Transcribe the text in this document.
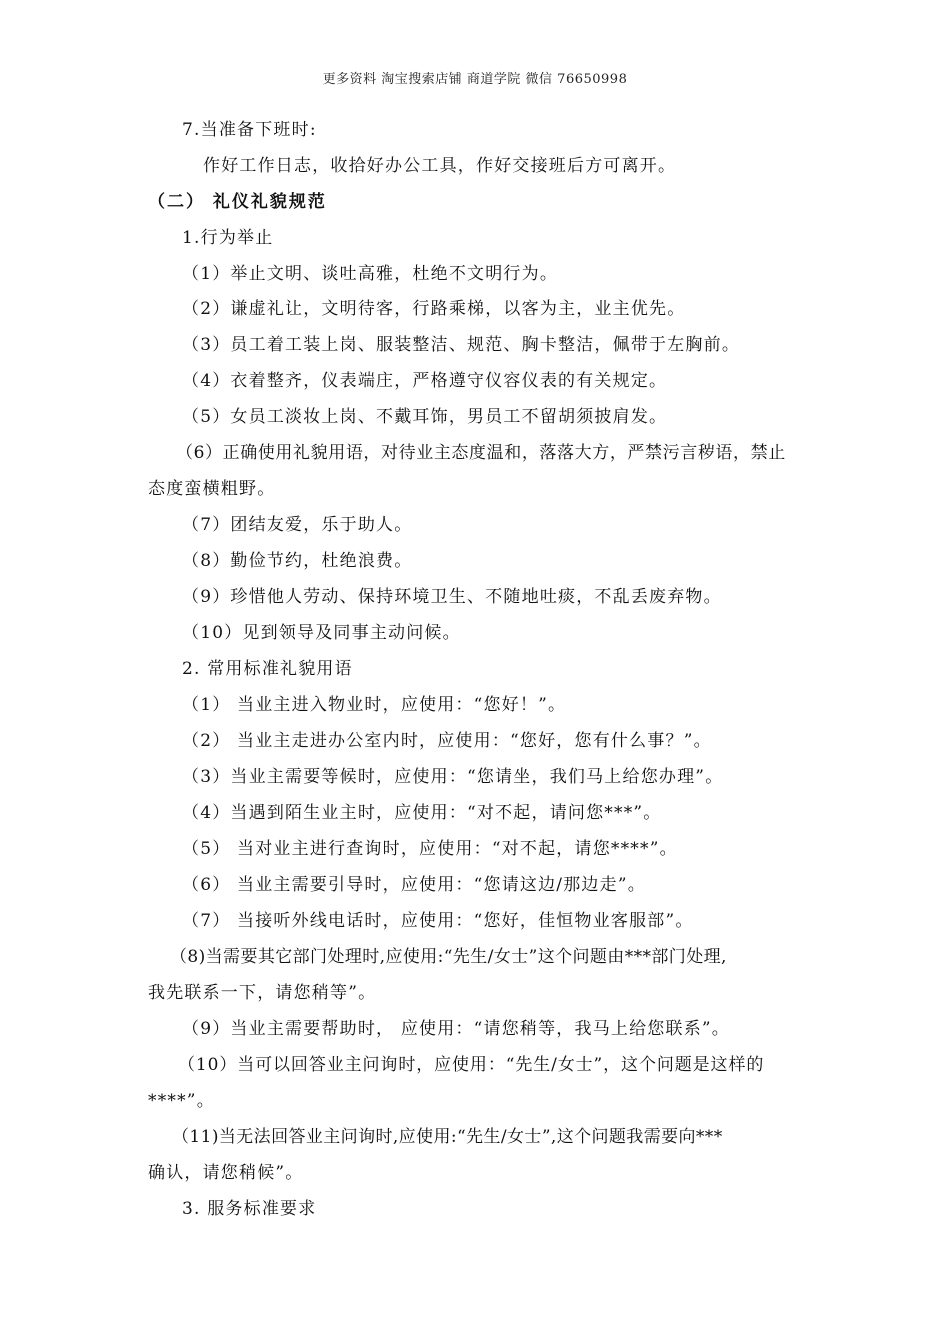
更多资料 淘宝搜索店铺 商道学院 微信 76650998
7.当准备下班时:
作好工作日志，收拾好办公工具，作好交接班后方可离开。
（二） 礼仪礼貌规范
1.行为举止
（1）举止文明、谈吐高雅，杜绝不文明行为。
（2）谦虚礼让，文明待客，行路乘梯，以客为主，业主优先。
（3）员工着工装上岗、服装整洁、规范、胸卡整洁，佩带于左胸前。
（4）衣着整齐，仪表端庄，严格遵守仪容仪表的有关规定。
（5）女员工淡妆上岗、不戴耳饰，男员工不留胡须披肩发。
（6）正确使用礼貌用语，对待业主态度温和，落落大方，严禁污言秽语，禁止
态度蛮横粗野。
（7）团结友爱，乐于助人。
（8）勤俭节约，杜绝浪费。
（9）珍惜他人劳动、保持环境卫生、不随地吐痰，不乱丢废弃物。
（10）见到领导及同事主动问候。
2. 常用标准礼貌用语
（1） 当业主进入物业时，应使用：“您好！”。
（2） 当业主走进办公室内时，应使用：“您好，您有什么事？”。
（3）当业主需要等候时，应使用：“您请坐，我们马上给您办理”。
（4）当遇到陌生业主时，应使用：“对不起，请问您***”。
（5） 当对业主进行查询时，应使用：“对不起，请您****”。
（6） 当业主需要引导时，应使用：“您请这边/那边走”。
（7） 当接听外线电话时，应使用：“您好，佳恒物业客服部”。
（8)当需要其它部门处理时,应使用:“先生/女士”这个问题由***部门处理,
我先联系一下，请您稍等”。
（9）当业主需要帮助时， 应使用：“请您稍等，我马上给您联系”。
（10）当可以回答业主问询时，应使用：“先生/女士”，这个问题是这样的
****”。
（11)当无法回答业主问询时,应使用:“先生/女士”,这个问题我需要向***
确认，请您稍候”。
3. 服务标准要求
